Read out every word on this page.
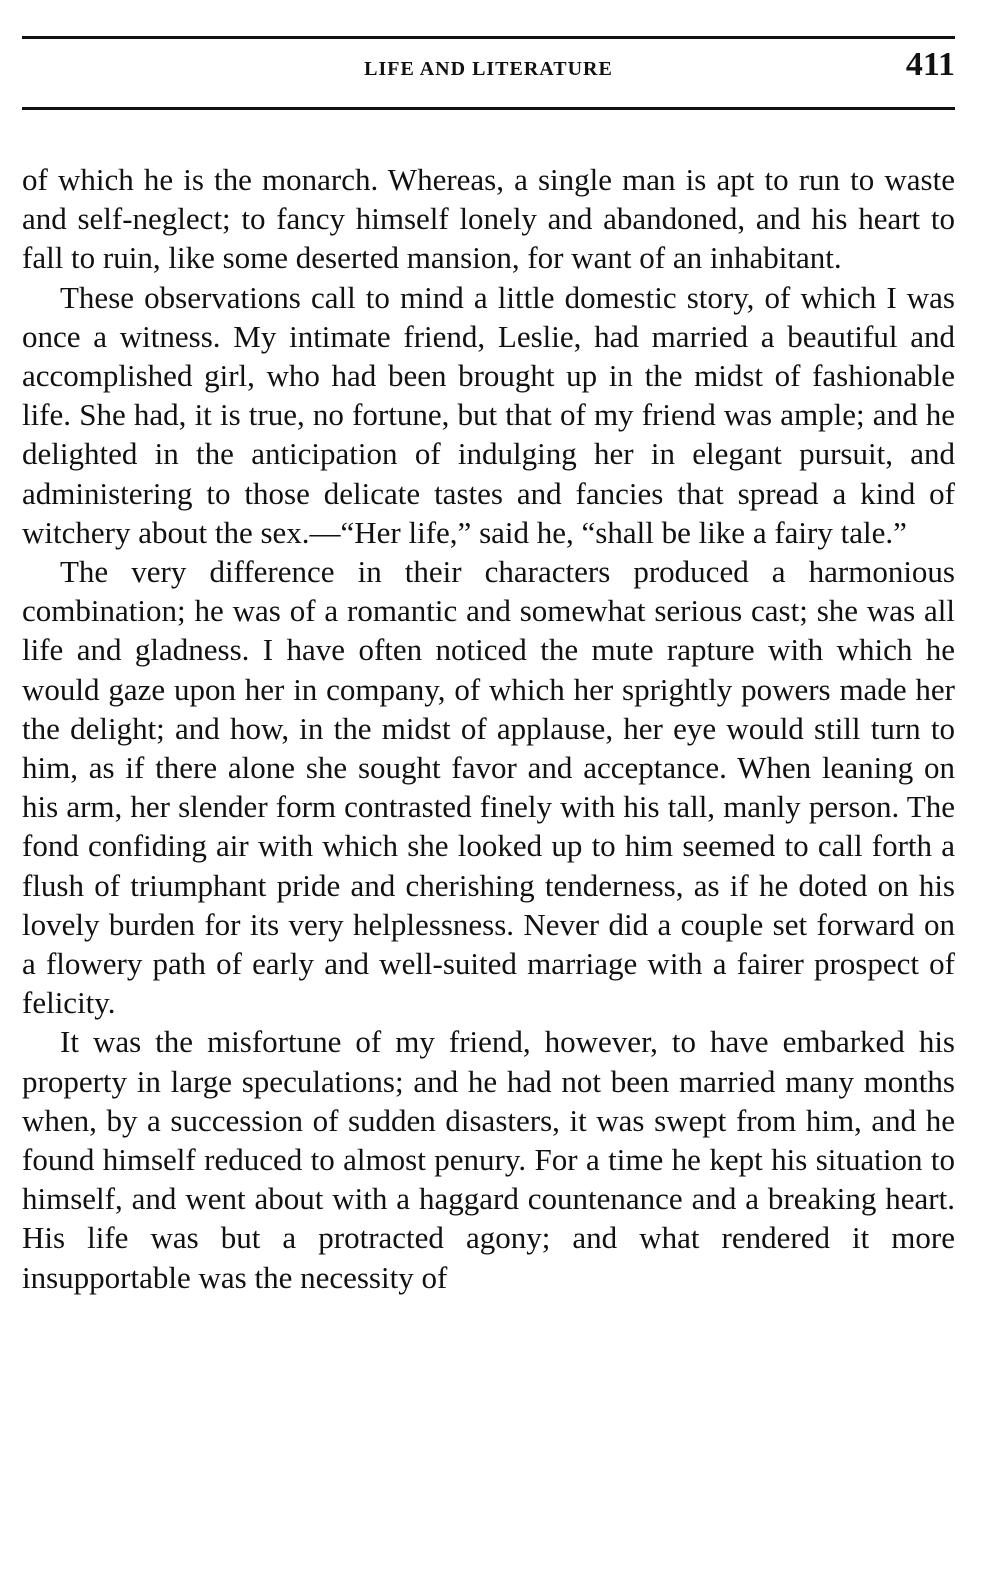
LIFE AND LITERATURE	411

of which he is the monarch. Whereas, a single man is apt to run to waste and self-neglect; to fancy himself lonely and abandoned, and his heart to fall to ruin, like some deserted mansion, for want of an inhabitant.

These observations call to mind a little domestic story, of which I was once a witness. My intimate friend, Leslie, had married a beautiful and accomplished girl, who had been brought up in the midst of fashionable life. She had, it is true, no fortune, but that of my friend was ample; and he delighted in the anticipation of indulging her in elegant pursuit, and administering to those delicate tastes and fancies that spread a kind of witchery about the sex.—“Her life,” said he, “shall be like a fairy tale.”

The very difference in their characters produced a harmonious combination; he was of a romantic and somewhat serious cast; she was all life and gladness. I have often noticed the mute rapture with which he would gaze upon her in company, of which her sprightly powers made her the delight; and how, in the midst of applause, her eye would still turn to him, as if there alone she sought favor and acceptance. When leaning on his arm, her slender form contrasted finely with his tall, manly person. The fond confiding air with which she looked up to him seemed to call forth a flush of triumphant pride and cherishing tenderness, as if he doted on his lovely burden for its very helplessness. Never did a couple set forward on a flowery path of early and well-suited marriage with a fairer prospect of felicity.

It was the misfortune of my friend, however, to have embarked his property in large speculations; and he had not been married many months when, by a succession of sudden disasters, it was swept from him, and he found himself reduced to almost penury. For a time he kept his situation to himself, and went about with a haggard countenance and a breaking heart. His life was but a protracted agony; and what rendered it more insupportable was the necessity of
